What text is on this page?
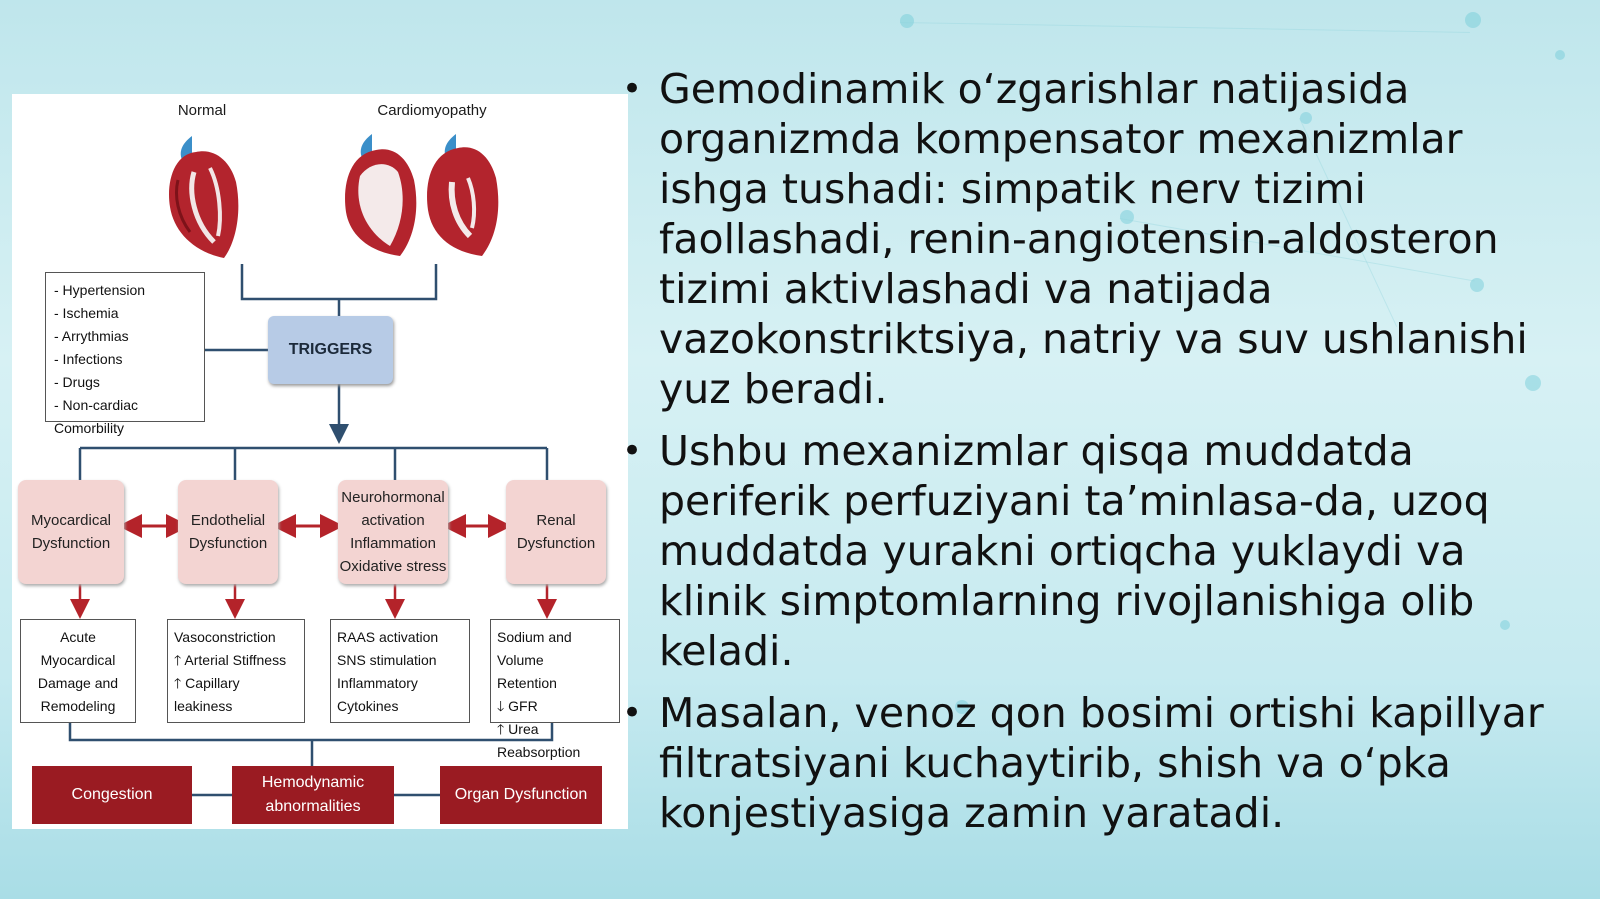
Normal	Cardiomyopathy
- Hypertension
- Ischemia
- Arrythmias
- Infections
- Drugs
- Non-cardiac Comorbility
TRIGGERS
Myocardical Dysfunction
Endothelial Dysfunction
Neurohormonal activation Inflammation Oxidative stress
Renal Dysfunction
Acute Myocardical
Damage and
Remodeling
Vasoconstriction
🡑 Arterial Stiffness
🡑 Capillary leakiness
RAAS activation
SNS stimulation
Inflammatory Cytokines
Sodium and Volume
Retention
🡓 GFR
🡑 Urea Reabsorption
Congestion
Hemodynamic abnormalities
Organ Dysfunction
• Gemodinamik o‘zgarishlar natijasida organizmda kompensator mexanizmlar ishga tushadi: simpatik nerv tizimi faollashadi, renin-angiotensin-aldosteron tizimi aktivlashadi va natijada vazokonstriktsiya, natriy va suv ushlanishi yuz beradi.
• Ushbu mexanizmlar qisqa muddatda periferik perfuziyani ta’minlasa-da, uzoq muddatda yurakni ortiqcha yuklaydi va klinik simptomlarning rivojlanishiga olib keladi.
• Masalan, venoz qon bosimi ortishi kapillyar filtratsiyani kuchaytirib, shish va o‘pka konjestiyasiga zamin yaratadi.
